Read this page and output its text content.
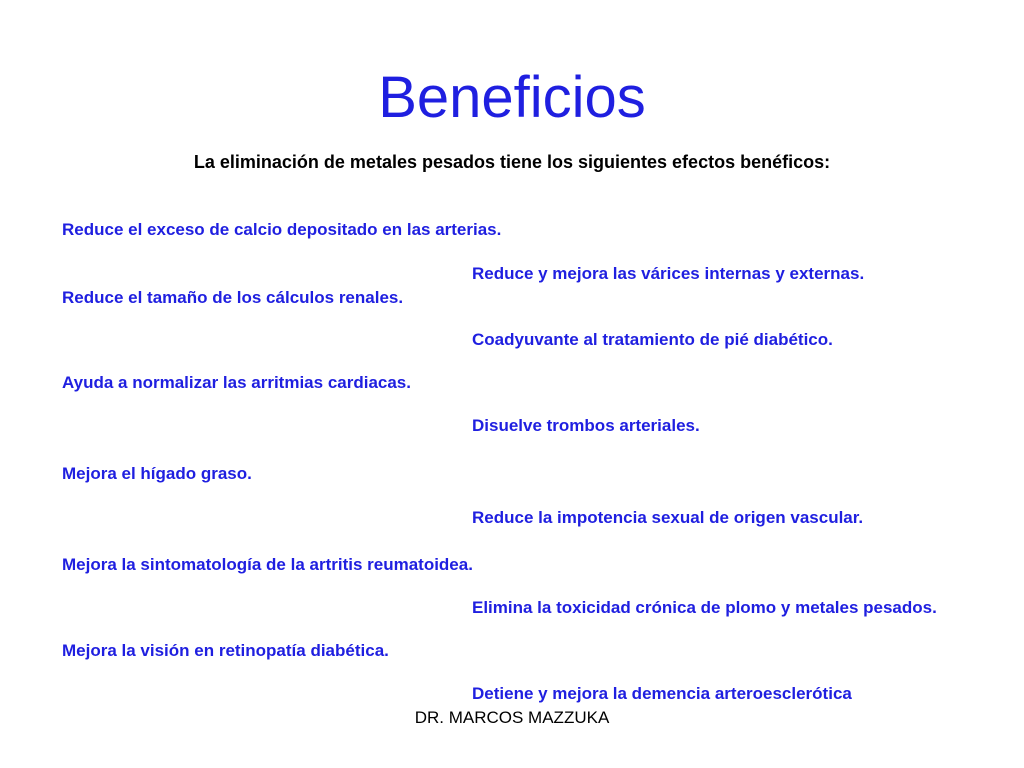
Beneficios
La eliminación de metales pesados tiene los siguientes efectos benéficos:
Reduce el exceso de calcio depositado en las arterias.
Reduce y mejora las várices internas y externas.
Reduce el tamaño de los cálculos renales.
Coadyuvante al tratamiento de pié diabético.
Ayuda a normalizar las arritmias cardiacas.
Disuelve trombos arteriales.
Mejora el hígado graso.
Reduce la impotencia sexual de origen vascular.
Mejora la sintomatología de la artritis reumatoidea.
Elimina la toxicidad crónica de plomo y metales pesados.
Mejora la visión en retinopatía diabética.
Detiene y mejora la demencia arteroesclerótica
DR. MARCOS MAZZUKA
